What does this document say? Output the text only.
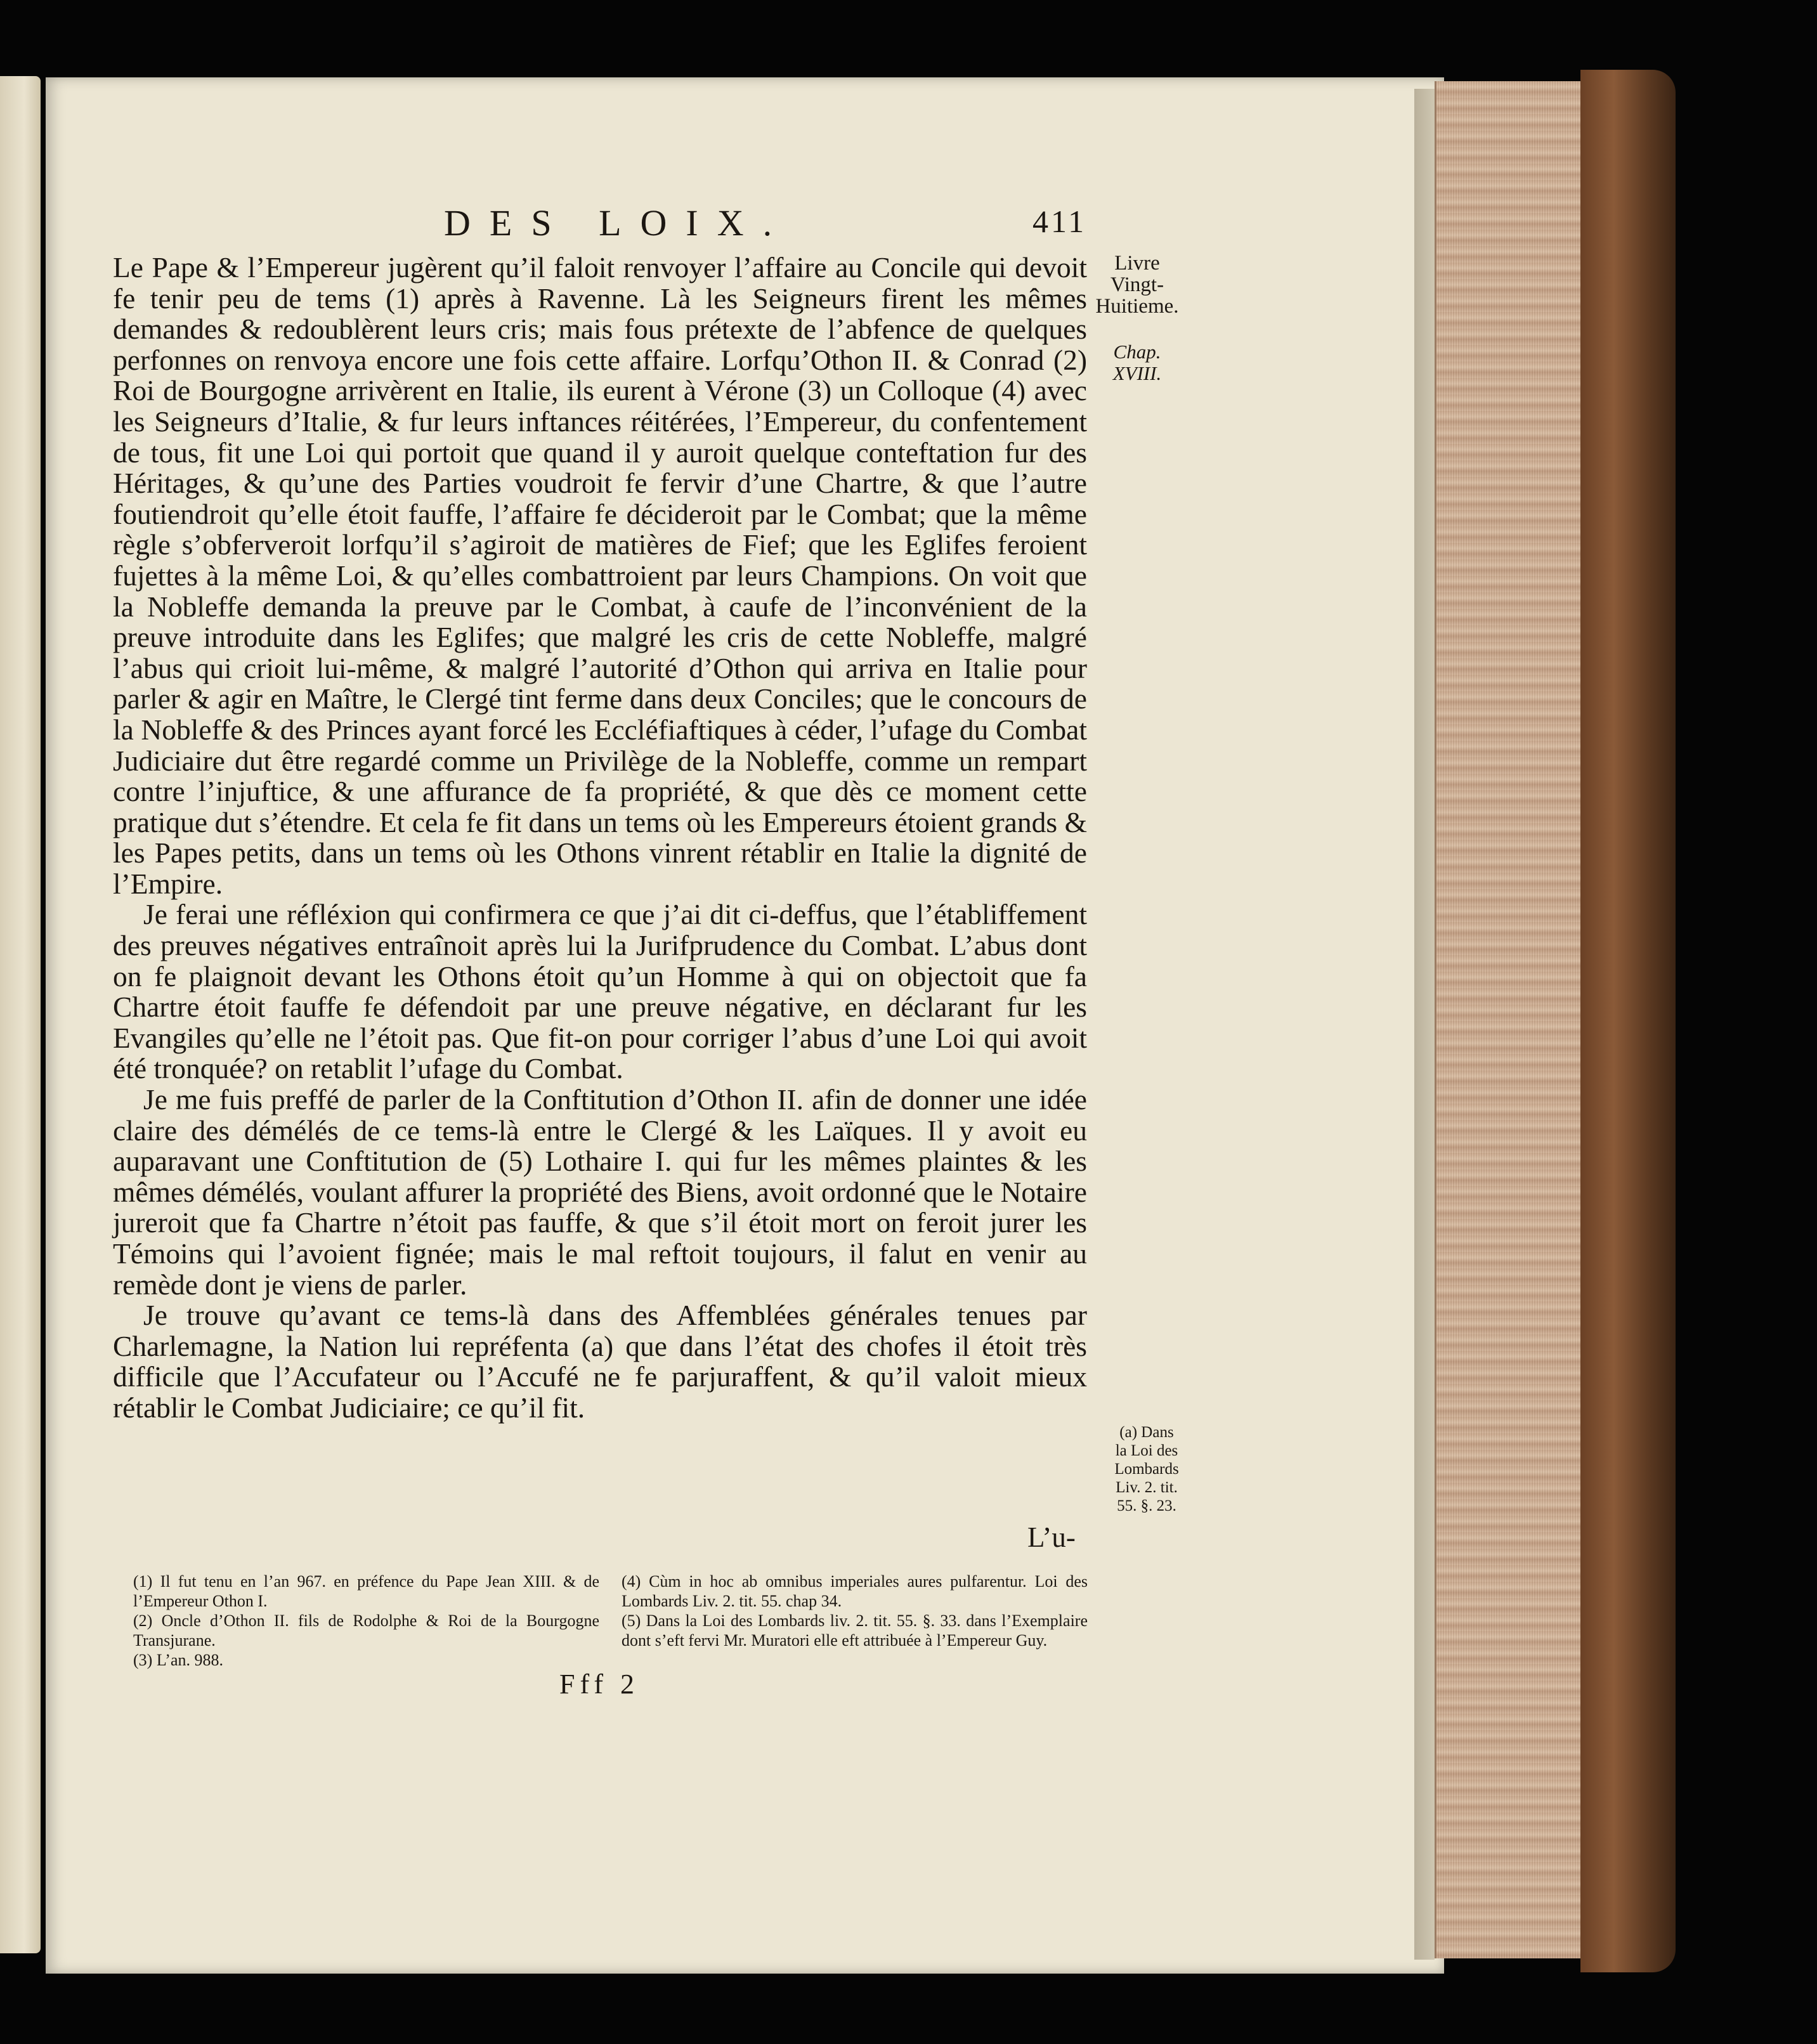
DES LOIX.	411
Livre
Vingt-
Huitieme.
Chap.
XVIII.

Le Pape & l’Empereur jugèrent qu’il faloit renvoyer l’affaire au Concile qui devoit fe tenir peu de tems (1) après à Ravenne. Là les Seigneurs firent les mêmes demandes & redoublèrent leurs cris; mais fous prétexte de l’abfence de quelques perfonnes on renvoya encore une fois cette affaire. Lorfqu’Othon II. & Conrad (2) Roi de Bourgogne arrivèrent en Italie, ils eurent à Vérone (3) un Colloque (4) avec les Seigneurs d’Italie, & fur leurs inftances réitérées, l’Empereur, du confentement de tous, fit une Loi qui portoit que quand il y auroit quelque conteftation fur des Héritages, & qu’une des Parties voudroit fe fervir d’une Chartre, & que l’autre foutiendroit qu’elle étoit fauffe, l’affaire fe décideroit par le Combat; que la même règle s’obferveroit lorfqu’il s’agiroit de matières de Fief; que les Eglifes feroient fujettes à la même Loi, & qu’elles combattroient par leurs Champions. On voit que la Nobleffe demanda la preuve par le Combat, à caufe de l’inconvénient de la preuve introduite dans les Eglifes; que malgré les cris de cette Nobleffe, malgré l’abus qui crioit lui-même, & malgré l’autorité d’Othon qui arriva en Italie pour parler & agir en Maître, le Clergé tint ferme dans deux Conciles; que le concours de la Nobleffe & des Princes ayant forcé les Eccléfiaftiques à céder, l’ufage du Combat Judiciaire dut être regardé comme un Privilège de la Nobleffe, comme un rempart contre l’injuftice, & une affurance de fa propriété, & que dès ce moment cette pratique dut s’étendre. Et cela fe fit dans un tems où les Empereurs étoient grands & les Papes petits, dans un tems où les Othons vinrent rétablir en Italie la dignité de l’Empire.

Je ferai une réfléxion qui confirmera ce que j’ai dit ci-deffus, que l’établiffement des preuves négatives entraînoit après lui la Jurifprudence du Combat. L’abus dont on fe plaignoit devant les Othons étoit qu’un Homme à qui on objectoit que fa Chartre étoit fauffe fe défendoit par une preuve négative, en déclarant fur les Evangiles qu’elle ne l’étoit pas. Que fit-on pour corriger l’abus d’une Loi qui avoit été tronquée? on retablit l’ufage du Combat.

Je me fuis preffé de parler de la Conftitution d’Othon II. afin de donner une idée claire des démélés de ce tems-là entre le Clergé & les Laïques. Il y avoit eu auparavant une Conftitution de (5) Lothaire I. qui fur les mêmes plaintes & les mêmes démélés, voulant affurer la propriété des Biens, avoit ordonné que le Notaire jureroit que fa Chartre n’étoit pas fauffe, & que s’il étoit mort on feroit jurer les Témoins qui l’avoient fignée; mais le mal reftoit toujours, il falut en venir au remède dont je viens de parler.

Je trouve qu’avant ce tems-là dans des Affemblées générales tenues par Charlemagne, la Nation lui repréfenta (a) que dans l’état des chofes il étoit très difficile que l’Accufateur ou l’Accufé ne fe parjuraffent, & qu’il valoit mieux rétablir le Combat Judiciaire; ce qu’il fit.

(a) Dans
la Loi des
Lombards
Liv. 2. tit.
55. §. 23.
L’u-

(1) Il fut tenu en l’an 967. en préfence du Pape Jean XIII. & de l’Empereur Othon I.

(2) Oncle d’Othon II. fils de Rodolphe & Roi de la Bourgogne Transjurane.

(3) L’an. 988.

(4) Cùm in hoc ab omnibus imperiales aures pulfarentur. Loi des Lombards Liv. 2. tit. 55. chap 34.

(5) Dans la Loi des Lombards liv. 2. tit. 55. §. 33. dans l’Exemplaire dont s’eft fervi Mr. Muratori elle eft attribuée à l’Empereur Guy.

Fff 2
